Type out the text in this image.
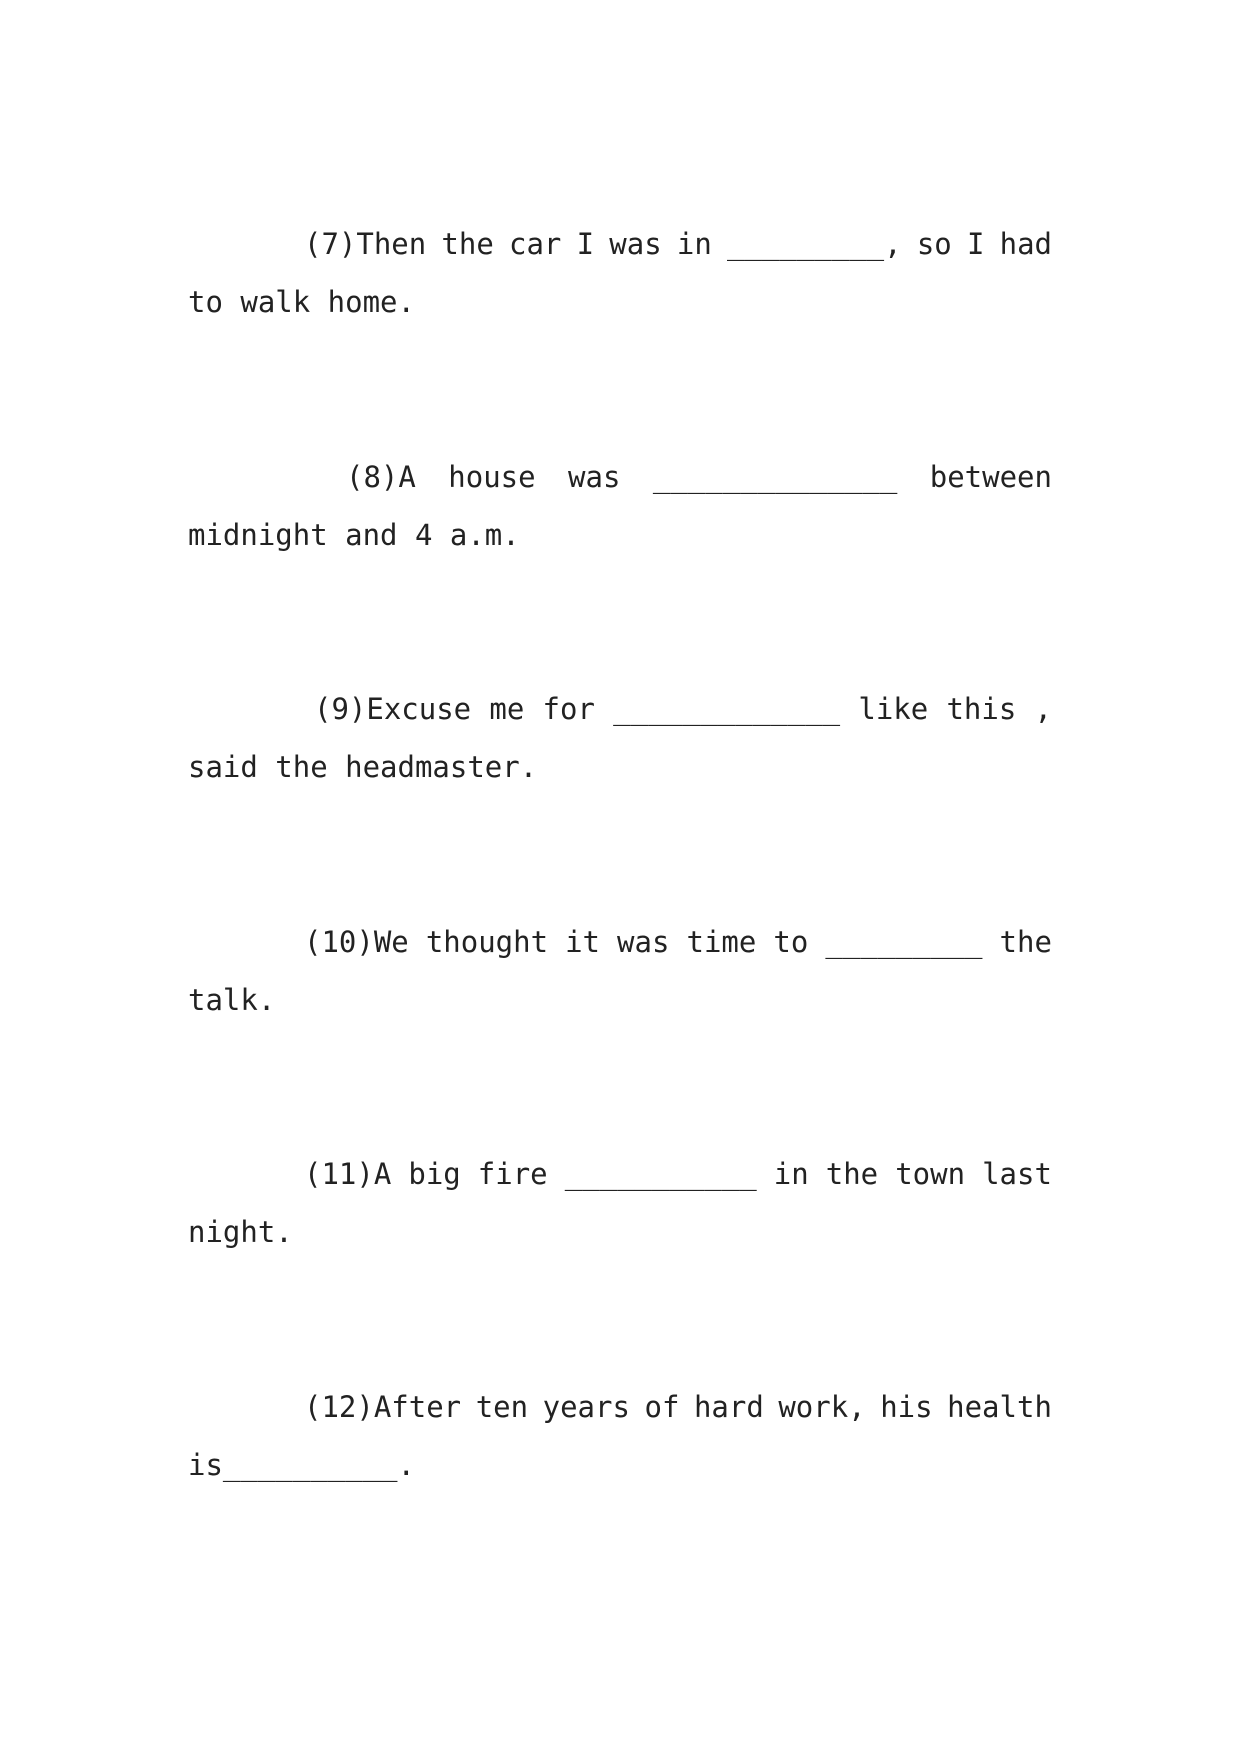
(7)Then the car I was in _________, so I had
to walk home.
(8)A house was ______________ between
midnight and 4 a.m.
(9)Excuse me for _____________ like this ,
said the headmaster.
(10)We thought it was time to _________ the
talk.
(11)A big fire ___________ in the town last
night.
(12)After ten years of hard work, his health
is__________.
